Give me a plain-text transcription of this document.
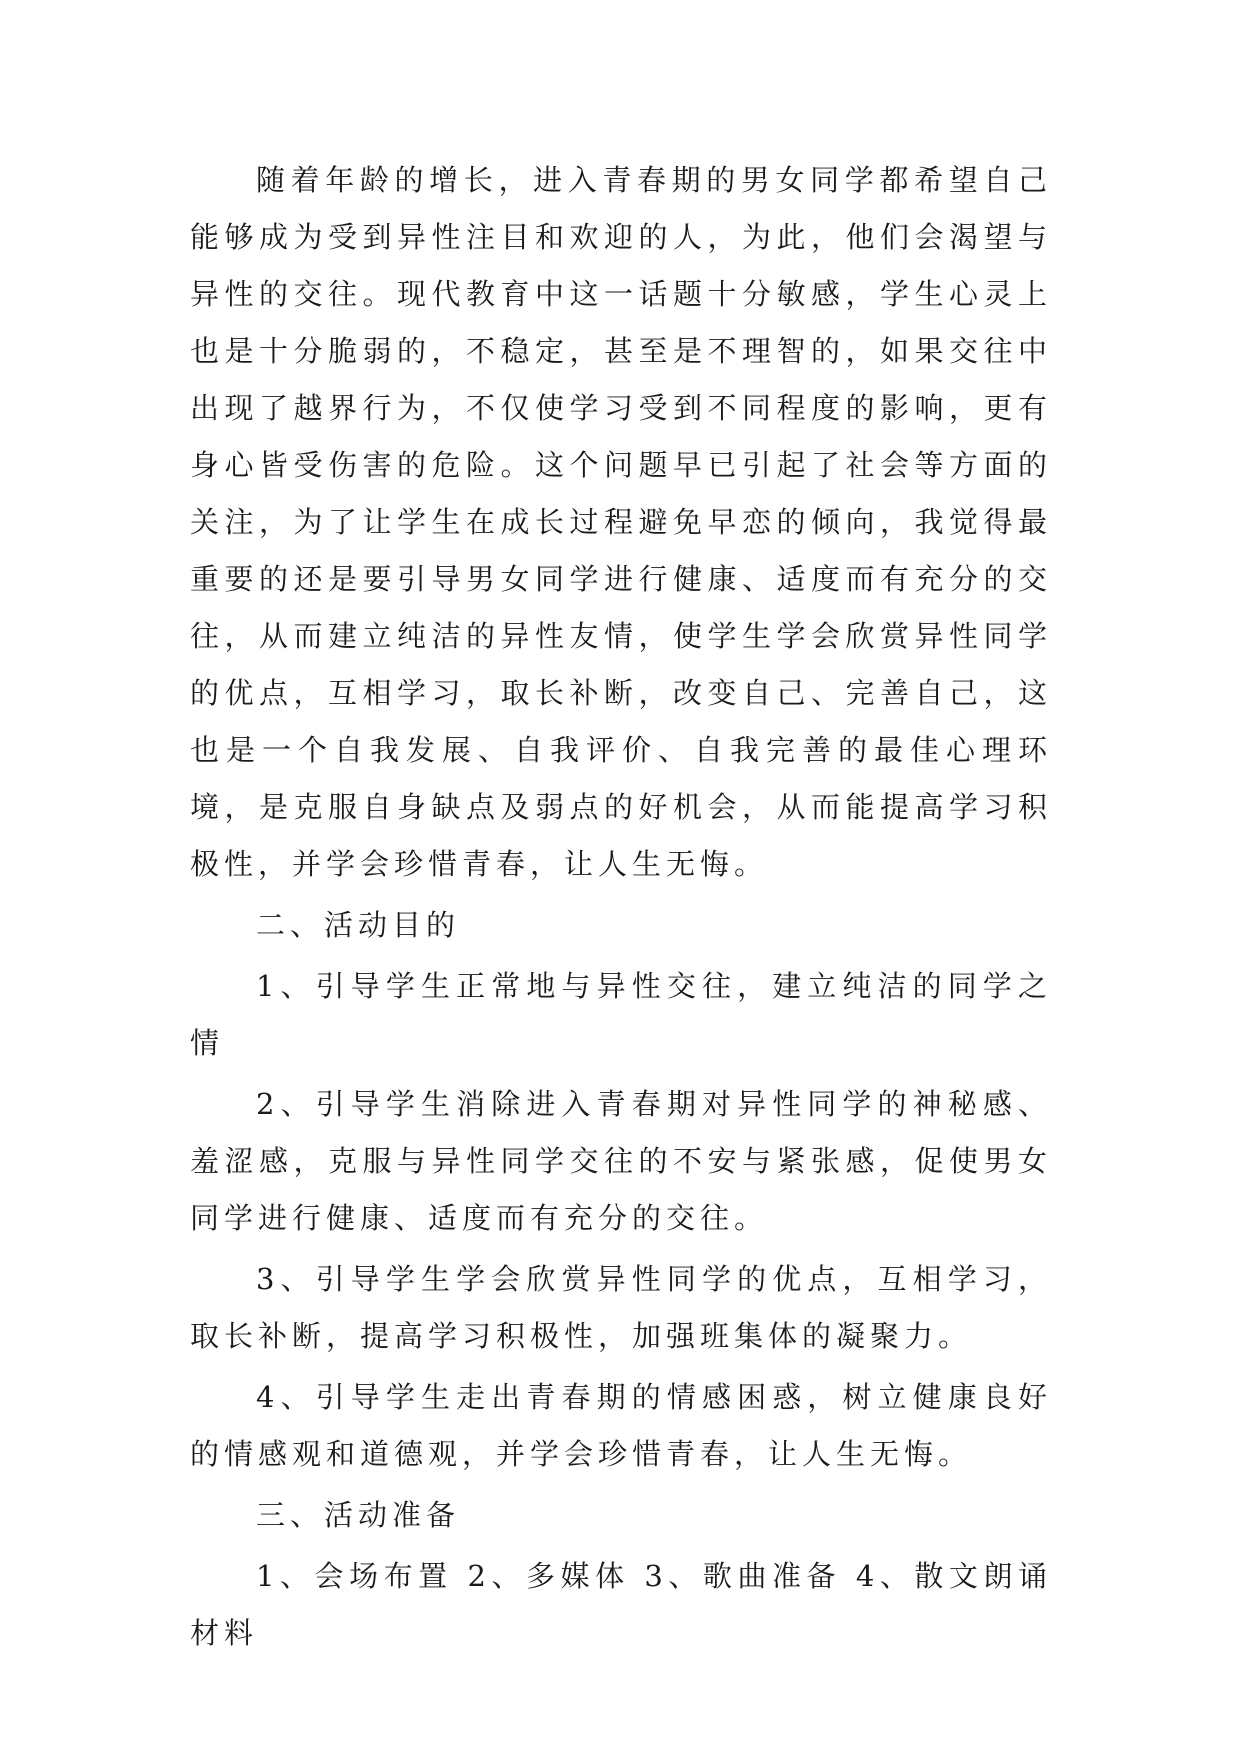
随着年龄的增长，进入青春期的男女同学都希望自己能够成为受到异性注目和欢迎的人，为此，他们会渴望与异性的交往。现代教育中这一话题十分敏感，学生心灵上也是十分脆弱的，不稳定，甚至是不理智的，如果交往中出现了越界行为，不仅使学习受到不同程度的影响，更有身心皆受伤害的危险。这个问题早已引起了社会等方面的关注，为了让学生在成长过程避免早恋的倾向，我觉得最重要的还是要引导男女同学进行健康、适度而有充分的交往，从而建立纯洁的异性友情，使学生学会欣赏异性同学的优点，互相学习，取长补断，改变自己、完善自己，这也是一个自我发展、自我评价、自我完善的最佳心理环境，是克服自身缺点及弱点的好机会，从而能提高学习积极性，并学会珍惜青春，让人生无悔。

二、活动目的

1、引导学生正常地与异性交往，建立纯洁的同学之情

2、引导学生消除进入青春期对异性同学的神秘感、羞涩感，克服与异性同学交往的不安与紧张感，促使男女同学进行健康、适度而有充分的交往。

3、引导学生学会欣赏异性同学的优点，互相学习，取长补断，提高学习积极性，加强班集体的凝聚力。

4、引导学生走出青春期的情感困惑，树立健康良好的情感观和道德观，并学会珍惜青春，让人生无悔。

三、活动准备

1、会场布置 2、多媒体 3、歌曲准备 4、散文朗诵材料
